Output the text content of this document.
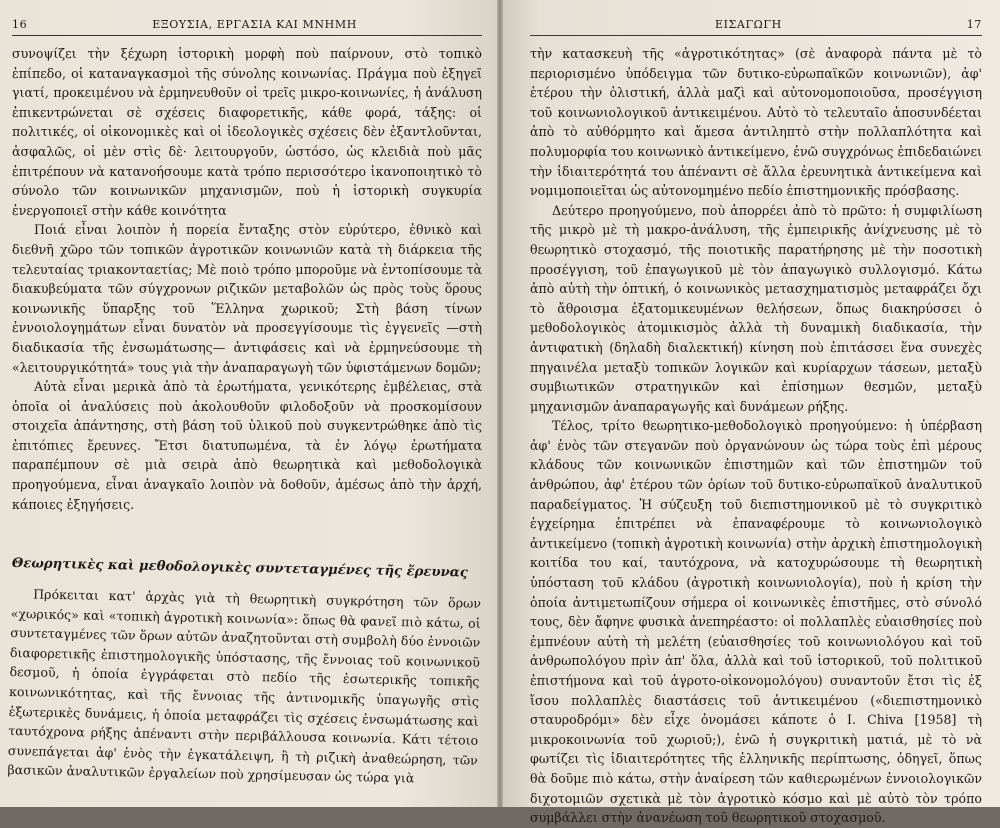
16	ΕΞΟΥΣΙΑ, ΕΡΓΑΣΙΑ ΚΑΙ ΜΝΗΜΗ

συνοψίζει τὴν ξέχωρη ἱστορικὴ μορφὴ ποὺ παίρνουν, στὸ τοπικὸ ἐπίπεδο, οἱ καταναγκασμοὶ τῆς σύνολης κοινωνίας. Πράγμα ποὺ ἐξηγεῖ γιατί, προκειμένου νὰ ἑρμηνευθοῦν οἱ τρεῖς μικρο-κοινωνίες, ἡ ἀνάλυση ἐπικεντρώνεται σὲ σχέσεις διαφορετικῆς, κάθε φορά, τάξης: οἱ πολιτικές, οἱ οἰκονομικὲς καὶ οἱ ἰδεολογικὲς σχέσεις δὲν ἐξαντλοῦνται, ἀσφαλῶς, οἱ μὲν στὶς δὲ· λειτουργοῦν, ὡστόσο, ὡς κλειδιὰ ποὺ μᾶς ἐπιτρέπουν νὰ κατανοήσουμε κατὰ τρόπο περισσότερο ἱκανοποιητικὸ τὸ σύνολο τῶν κοινωνικῶν μηχανισμῶν, ποὺ ἡ ἱστορικὴ συγκυρία ἐνεργοποιεῖ στὴν κάθε κοινότητα

Ποιά εἶναι λοιπὸν ἡ πορεία ἔνταξης στὸν εὐρύτερο, ἐθνικὸ καὶ διεθνῆ χῶρο τῶν τοπικῶν ἀγροτικῶν κοινωνιῶν κατὰ τὴ διάρκεια τῆς τελευταίας τριακονταετίας; Μὲ ποιὸ τρόπο μποροῦμε νὰ ἐντοπίσουμε τὰ διακυβεύματα τῶν σύγχρονων ριζικῶν μεταβολῶν ὡς πρὸς τοὺς ὅρους κοινωνικῆς ὕπαρξης τοῦ Ἕλληνα χωρικοῦ; Στὴ βάση τίνων ἐννοιολογημάτων εἶναι δυνατὸν νὰ προσεγγίσουμε τὶς ἐγγενεῖς —στὴ διαδικασία τῆς ἐνσωμάτωσης— ἀντιφάσεις καὶ νὰ ἑρμηνεύσουμε τὴ «λειτουργικότητά» τους γιὰ τὴν ἀναπαραγωγὴ τῶν ὑφιστάμενων δομῶν;

Αὐτὰ εἶναι μερικὰ ἀπὸ τὰ ἐρωτήματα, γενικότερης ἐμβέλειας, στὰ ὁποῖα οἱ ἀναλύσεις ποὺ ἀκολουθοῦν φιλοδοξοῦν νὰ προσκομίσουν στοιχεῖα ἀπάντησης, στὴ βάση τοῦ ὑλικοῦ ποὺ συγκεντρώθηκε ἀπὸ τὶς ἐπιτόπιες ἔρευνες. Ἔτσι διατυπωμένα, τὰ ἐν λόγῳ ἐρωτήματα παραπέμπουν σὲ μιὰ σειρὰ ἀπὸ θεωρητικὰ καὶ μεθοδολογικὰ προηγούμενα, εἶναι ἀναγκαῖο λοιπὸν νὰ δοθοῦν, ἀμέσως ἀπὸ τὴν ἀρχή, κάποιες ἐξηγήσεις.

Θεωρητικὲς καὶ μεθοδολογικὲς συντεταγμένες τῆς ἔρευνας

Πρόκειται κατ' ἀρχὰς γιὰ τὴ θεωρητικὴ συγκρότηση τῶν ὅρων «χωρικός» καὶ «τοπικὴ ἀγροτικὴ κοινωνία»: ὅπως θὰ φανεῖ πιὸ κάτω, οἱ συντεταγμένες τῶν ὅρων αὐτῶν ἀναζητοῦνται στὴ συμβολὴ δύο ἐννοιῶν διαφορετικῆς ἐπιστημολογικῆς ὑπόστασης, τῆς ἔννοιας τοῦ κοινωνικοῦ δεσμοῦ, ἡ ὁποία ἐγγράφεται στὸ πεδίο τῆς ἐσωτερικῆς τοπικῆς κοινωνικότητας, καὶ τῆς ἔννοιας τῆς ἀντινομικῆς ὑπαγωγῆς στὶς ἐξωτερικὲς δυνάμεις, ἡ ὁποία μεταφράζει τὶς σχέσεις ἐνσωμάτωσης καὶ ταυτόχρονα ρήξης ἀπέναντι στὴν περιβάλλουσα κοινωνία. Κάτι τέτοιο συνεπάγεται ἀφ' ἑνὸς τὴν ἐγκατάλειψη, ἢ τὴ ριζικὴ ἀναθεώρηση, τῶν βασικῶν ἀναλυτικῶν ἐργαλείων ποὺ χρησίμευσαν ὡς τώρα γιὰ

ΕΙΣΑΓΩΓΗ	17

τὴν κατασκευὴ τῆς «ἀγροτικότητας» (σὲ ἀναφορὰ πάντα μὲ τὸ περιορισμένο ὑπόδειγμα τῶν δυτικο-εὐρωπαϊκῶν κοινωνιῶν), ἀφ' ἑτέρου τὴν ὁλιστική, ἀλλὰ μαζὶ καὶ αὐτονομοποιοῦσα, προσέγγιση τοῦ κοινωνιολογικοῦ ἀντικειμένου. Αὐτὸ τὸ τελευταῖο ἀποσυνδέεται ἀπὸ τὸ αὐθόρμητο καὶ ἄμεσα ἀντιληπτὸ στὴν πολλαπλότητα καὶ πολυμορφία του κοινωνικὸ ἀντικείμενο, ἐνῶ συγχρόνως ἐπιδεδαιώνει τὴν ἰδιαιτερότητά του ἀπέναντι σὲ ἄλλα ἐρευνητικὰ ἀντικείμενα καὶ νομιμοποιεῖται ὡς αὐτονομημένο πεδίο ἐπιστημονικῆς πρόσβασης.

Δεύτερο προηγούμενο, ποὺ ἀπορρέει ἀπὸ τὸ πρῶτο: ἡ συμφιλίωση τῆς μικρὸ μὲ τὴ μακρο-ἀνάλυση, τῆς ἐμπειρικῆς ἀνίχνευσης μὲ τὸ θεωρητικὸ στοχασμό, τῆς ποιοτικῆς παρατήρησης μὲ τὴν ποσοτικὴ προσέγγιση, τοῦ ἐπαγωγικοῦ μὲ τὸν ἀπαγωγικὸ συλλογισμό. Κάτω ἀπὸ αὐτὴ τὴν ὀπτική, ὁ κοινωνικὸς μετασχηματισμὸς μεταφράζει ὄχι τὸ ἄθροισμα ἐξατομικευμένων θελήσεων, ὅπως διακηρύσσει ὁ μεθοδολογικὸς ἀτομικισμὸς ἀλλὰ τὴ δυναμικὴ διαδικασία, τὴν ἀντιφατικὴ (δηλαδὴ διαλεκτική) κίνηση ποὺ ἐπιτάσσει ἕνα συνεχὲς πηγαινέλα μεταξὺ τοπικῶν λογικῶν καὶ κυρίαρχων τάσεων, μεταξὺ συμβιωτικῶν στρατηγικῶν καὶ ἐπίσημων θεσμῶν, μεταξὺ μηχανισμῶν ἀναπαραγωγῆς καὶ δυνάμεων ρήξης.

Τέλος, τρίτο θεωρητικο-μεθοδολογικὸ προηγούμενο: ἡ ὑπέρβαση ἀφ' ἑνὸς τῶν στεγανῶν ποὺ ὀργανώνουν ὡς τώρα τοὺς ἐπὶ μέρους κλάδους τῶν κοινωνικῶν ἐπιστημῶν καὶ τῶν ἐπιστημῶν τοῦ ἀνθρώπου, ἀφ' ἑτέρου τῶν ὁρίων τοῦ δυτικο-εὐρωπαϊκοῦ ἀναλυτικοῦ παραδείγματος. Ἡ σύζευξη τοῦ διεπιστημονικοῦ μὲ τὸ συγκριτικὸ ἐγχείρημα ἐπιτρέπει νὰ ἐπαναφέρουμε τὸ κοινωνιολογικὸ ἀντικείμενο (τοπικὴ ἀγροτικὴ κοινωνία) στὴν ἀρχικὴ ἐπιστημολογικὴ κοιτίδα του καί, ταυτόχρονα, νὰ κατοχυρώσουμε τὴ θεωρητικὴ ὑπόσταση τοῦ κλάδου (ἀγροτικὴ κοινωνιολογία), ποὺ ἡ κρίση τὴν ὁποία ἀντιμετωπίζουν σήμερα οἱ κοινωνικὲς ἐπιστῆμες, στὸ σύνολό τους, δὲν ἄφηνε φυσικὰ ἀνεπηρέαστο: οἱ πολλαπλὲς εὐαισθησίες ποὺ ἐμπνέουν αὐτὴ τὴ μελέτη (εὐαισθησίες τοῦ κοινωνιολόγου καὶ τοῦ ἀνθρωπολόγου πρὶν ἀπ' ὅλα, ἀλλὰ καὶ τοῦ ἱστορικοῦ, τοῦ πολιτικοῦ ἐπιστήμονα καὶ τοῦ ἀγροτο-οἰκονομολόγου) συναντοῦν ἔτσι τὶς ἐξ ἴσου πολλαπλὲς διαστάσεις τοῦ ἀντικειμένου («διεπιστημονικὸ σταυροδρόμι» δὲν εἶχε ὀνομάσει κάποτε ὁ I. Chiva [1958] τὴ μικροκοινωνία τοῦ χωριοῦ;), ἐνῶ ἡ συγκριτικὴ ματιά, μὲ τὸ νὰ φωτίζει τὶς ἰδιαιτερότητες τῆς ἑλληνικῆς περίπτωσης, ὁδηγεῖ, ὅπως θὰ δοῦμε πιὸ κάτω, στὴν ἀναίρεση τῶν καθιερωμένων ἐννοιολογικῶν διχοτομιῶν σχετικὰ μὲ τὸν ἀγροτικὸ κόσμο καὶ μὲ αὐτὸ τὸν τρόπο συμβάλλει στὴν ἀνανέωση τοῦ θεωρητικοῦ στοχασμοῦ.
